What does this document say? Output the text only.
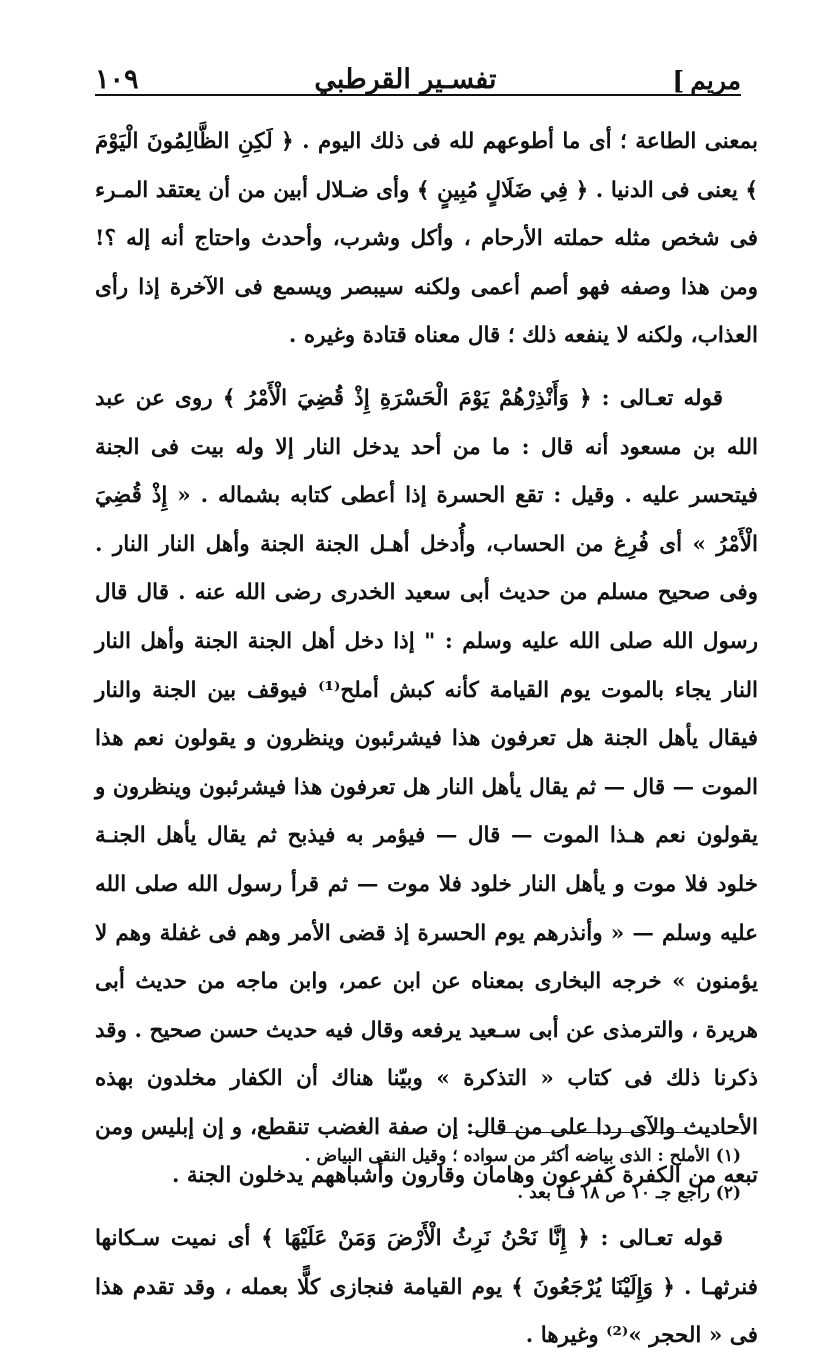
مريم
]
تفسـير القرطبي
١٠٩

بمعنى الطاعة ؛ أى ما أطوعهم لله فى ذلك اليوم . ﴿ لَكِنِ الظَّالِمُونَ الْيَوْمَ ﴾ يعنى فى الدنيا . ﴿ فِي ضَلَالٍ مُبِينٍ ﴾ وأى ضـلال أبين من أن يعتقد المـرء فى شخص مثله حملته الأرحام ، وأكل وشرب، وأحدث واحتاج أنه إله ؟! ومن هذا وصفه فهو أصم أعمى ولكنه سيبصر ويسمع فى الآخرة إذا رأى العذاب، ولكنه لا ينفعه ذلك ؛ قال معناه قتادة وغيره .

قوله تعـالى : ﴿ وَأَنْذِرْهُمْ يَوْمَ الْحَسْرَةِ إِذْ قُضِيَ الْأَمْرُ ﴾ روى عن عبد الله بن مسعود أنه قال : ما من أحد يدخل النار إلا وله بيت فى الجنة فيتحسر عليه . وقيل : تقع الحسرة إذا أعطى كتابه بشماله . « إِذْ قُضِيَ الْأَمْرُ » أى فُرِغ من الحساب، وأُدخل أهـل الجنة الجنة وأهل النار النار . وفى صحيح مسلم من حديث أبى سعيد الخدرى رضى الله عنه . قال قال رسول الله صلى الله عليه وسلم : " إذا دخل أهل الجنة الجنة وأهل النار النار يجاء بالموت يوم القيامة كأنه كبش أملح⁽¹⁾ فيوقف بين الجنة والنار فيقال يأهل الجنة هل تعرفون هذا فيشرئبون وينظرون و يقولون نعم هذا الموت — قال — ثم يقال يأهل النار هل تعرفون هذا فيشرئبون وينظرون و يقولون نعم هـذا الموت — قال — فيؤمر به فيذبح ثم يقال يأهل الجنـة خلود فلا موت و يأهل النار خلود فلا موت — ثم قرأ رسول الله صلى الله عليه وسلم — « وأنذرهم يوم الحسرة إذ قضى الأمر وهم فى غفلة وهم لا يؤمنون » خرجه البخارى بمعناه عن ابن عمر، وابن ماجه من حديث أبى هريرة ، والترمذى عن أبى سـعيد يرفعه وقال فيه حديث حسن صحيح . وقد ذكرنا ذلك فى كتاب « التذكرة » وبيّنا هناك أن الكفار مخلدون بهذه الأحاديث والآى ردا على من قال: إن صفة الغضب تنقطع، و إن إبليس ومن تبعه من الكفرة كفرعون وهامان وقارون وأشباههم يدخلون الجنة .

قوله تعـالى : ﴿ إِنَّا نَحْنُ نَرِثُ الْأَرْضَ وَمَنْ عَلَيْهَا ﴾ أى نميت سـكانها فنرثهـا . ﴿ وَإِلَيْنَا يُرْجَعُونَ ﴾ يوم القيامة فنجازى كلًّا بعمله ، وقد تقدم هذا فى « الحجر »⁽²⁾ وغيرها .

(١) الأملح : الذى بياضه أكثر من سواده ؛ وقيل النقى البياض .

(٢) راجع جـ ١٠ ص ١٨ فـا بعد .
